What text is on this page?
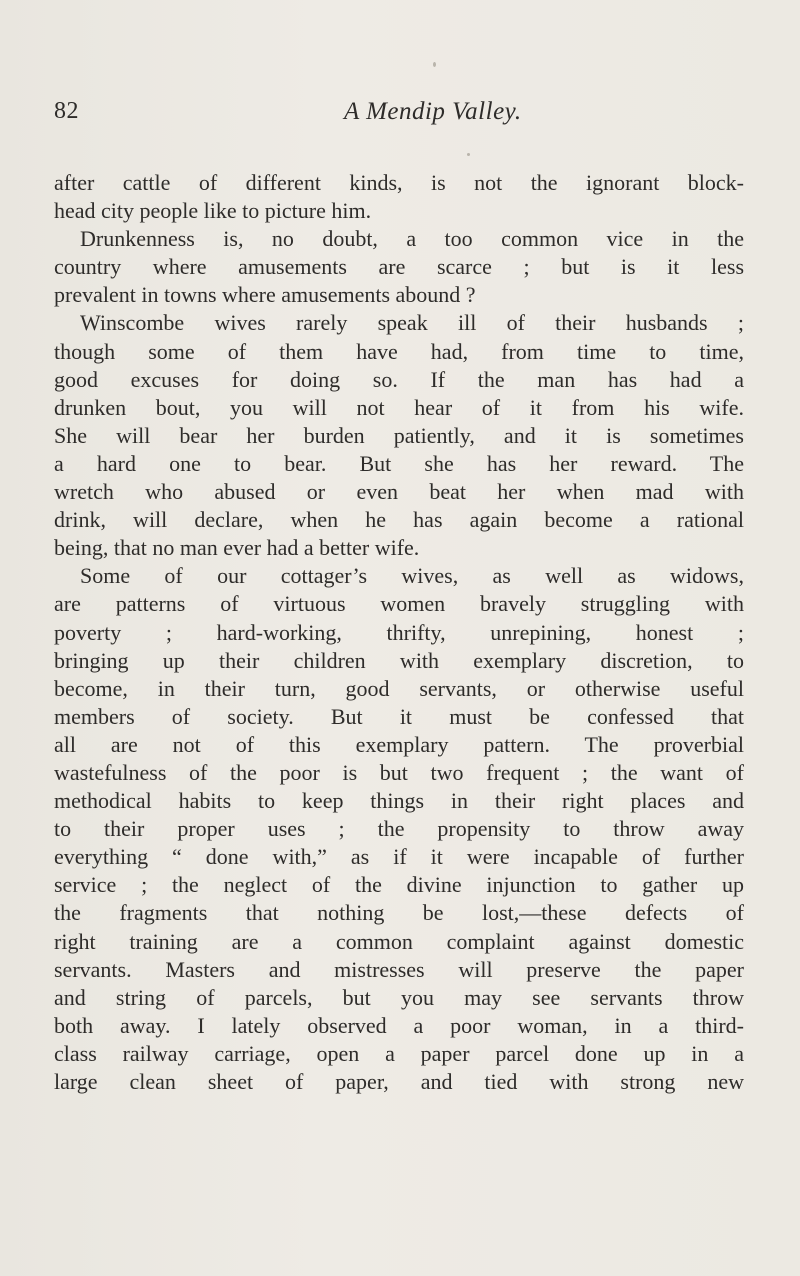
82	A Mendip Valley.
after cattle of different kinds, is not the ignorant block-
head city people like to picture him.
Drunkenness is, no doubt, a too common vice in the
country where amusements are scarce ; but is it less
prevalent in towns where amusements abound ?
Winscombe wives rarely speak ill of their husbands ;
though some of them have had, from time to time,
good excuses for doing so. If the man has had a
drunken bout, you will not hear of it from his wife.
She will bear her burden patiently, and it is sometimes
a hard one to bear. But she has her reward. The
wretch who abused or even beat her when mad with
drink, will declare, when he has again become a rational
being, that no man ever had a better wife.
Some of our cottager’s wives, as well as widows,
are patterns of virtuous women bravely struggling with
poverty ; hard-working, thrifty, unrepining, honest ;
bringing up their children with exemplary discretion, to
become, in their turn, good servants, or otherwise useful
members of society. But it must be confessed that
all are not of this exemplary pattern. The proverbial
wastefulness of the poor is but two frequent ; the want of
methodical habits to keep things in their right places and
to their proper uses ; the propensity to throw away
everything “ done with,” as if it were incapable of further
service ; the neglect of the divine injunction to gather up
the fragments that nothing be lost,—these defects of
right training are a common complaint against domestic
servants. Masters and mistresses will preserve the paper
and string of parcels, but you may see servants throw
both away. I lately observed a poor woman, in a third-
class railway carriage, open a paper parcel done up in a
large clean sheet of paper, and tied with strong new
